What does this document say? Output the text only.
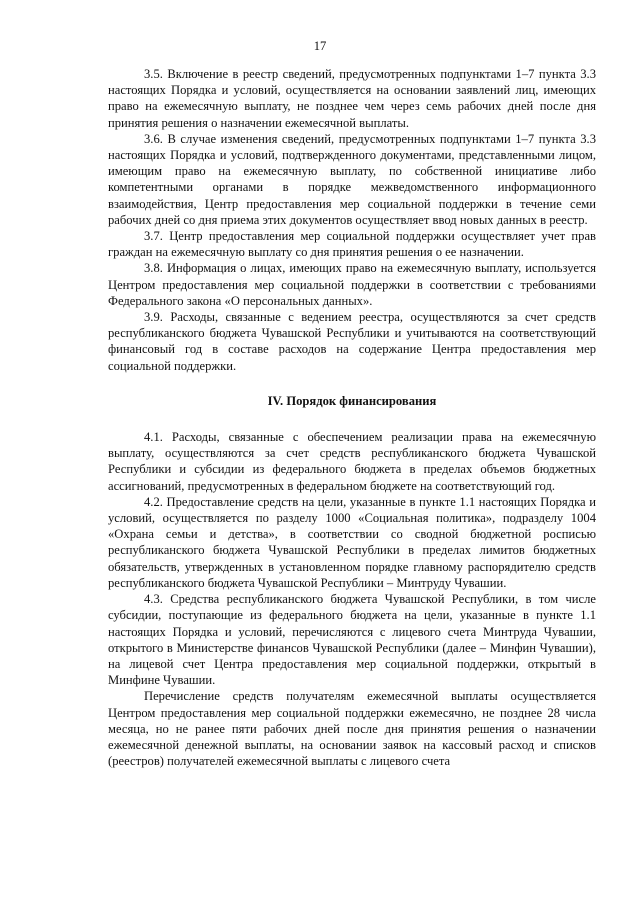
17

3.5. Включение в реестр сведений, предусмотренных подпунктами 1–7 пункта 3.3 настоящих Порядка и условий, осуществляется на основании заявлений лиц, имеющих право на ежемесячную выплату, не позднее чем через семь рабочих дней после дня принятия решения о назначении ежемесячной выплаты.

3.6. В случае изменения сведений, предусмотренных подпунктами 1–7 пункта 3.3 настоящих Порядка и условий, подтвержденного документами, представленными лицом, имеющим право на ежемесячную выплату, по собственной инициативе либо компетентными органами в порядке межведомственного информационного взаимодействия, Центр предоставления мер социальной поддержки в течение семи рабочих дней со дня приема этих документов осуществляет ввод новых данных в реестр.

3.7. Центр предоставления мер социальной поддержки осуществляет учет прав граждан на ежемесячную выплату со дня принятия решения о ее назначении.

3.8. Информация о лицах, имеющих право на ежемесячную выплату, используется Центром предоставления мер социальной поддержки в соответствии с требованиями Федерального закона «О персональных данных».

3.9. Расходы, связанные с ведением реестра, осуществляются за счет средств республиканского бюджета Чувашской Республики и учитываются на соответствующий финансовый год в составе расходов на содержание Центра предоставления мер социальной поддержки.

IV. Порядок финансирования

4.1. Расходы, связанные с обеспечением реализации права на ежемесячную выплату, осуществляются за счет средств республиканского бюджета Чувашской Республики и субсидии из федерального бюджета в пределах объемов бюджетных ассигнований, предусмотренных в федеральном бюджете на соответствующий год.

4.2. Предоставление средств на цели, указанные в пункте 1.1 настоящих Порядка и условий, осуществляется по разделу 1000 «Социальная политика», подразделу 1004 «Охрана семьи и детства», в соответствии со сводной бюджетной росписью республиканского бюджета Чувашской Республики в пределах лимитов бюджетных обязательств, утвержденных в установленном порядке главному распорядителю средств республиканского бюджета Чувашской Республики – Минтруду Чувашии.

4.3. Средства республиканского бюджета Чувашской Республики, в том числе субсидии, поступающие из федерального бюджета на цели, указанные в пункте 1.1 настоящих Порядка и условий, перечисляются с лицевого счета Минтруда Чувашии, открытого в Министерстве финансов Чувашской Республики (далее – Минфин Чувашии), на лицевой счет Центра предоставления мер социальной поддержки, открытый в Минфине Чувашии.

Перечисление средств получателям ежемесячной выплаты осуществляется Центром предоставления мер социальной поддержки ежемесячно, не позднее 28 числа месяца, но не ранее пяти рабочих дней после дня принятия решения о назначении ежемесячной денежной выплаты, на основании заявок на кассовый расход и списков (реестров) получателей ежемесячной выплаты с лицевого счета
